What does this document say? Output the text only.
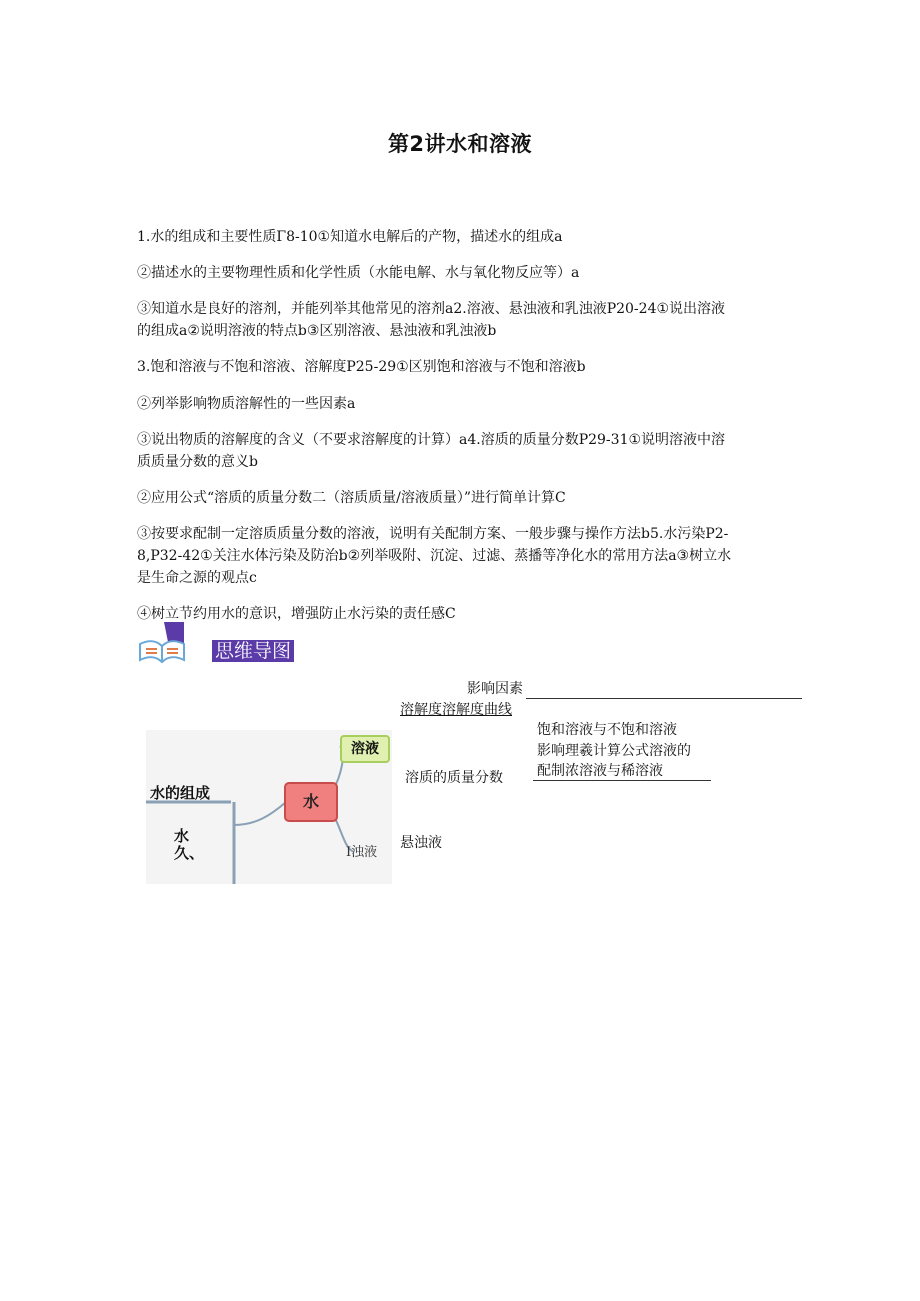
第2讲水和溶液

1.水的组成和主要性质Γ8-10①知道水电解后的产物，描述水的组成a

②描述水的主要物理性质和化学性质（水能电解、水与氧化物反应等）a

③知道水是良好的溶剂，并能列举其他常见的溶剂a2.溶液、悬浊液和乳浊液P20-24①说出溶液的组成a②说明溶液的特点b③区别溶液、悬浊液和乳浊液b

3.饱和溶液与不饱和溶液、溶解度P25-29①区别饱和溶液与不饱和溶液b

②列举影响物质溶解性的一些因素a

③说出物质的溶解度的含义（不要求溶解度的计算）a4.溶质的质量分数P29-31①说明溶液中溶质质量分数的意义b

②应用公式“溶质的质量分数二（溶质质量/溶液质量）”进行简单计算C

③按要求配制一定溶质质量分数的溶液，说明有关配制方案、一般步骤与操作方法b5.水污染P2-8,P32-42①关注水体污染及防治b②列举吸附、沉淀、过滤、蒸播等净化水的常用方法a③树立水是生命之源的观点c

④树立节约用水的意识，增强防止水污染的责任感C

思维导图
影响因素
溶解度溶解度曲线
饱和溶液与不饱和溶液
影响理羲计算公式溶液的
配制浓溶液与稀溶液
溶质的质量分数
悬浊液
水
溶液
水的组成
I浊液
水久、
